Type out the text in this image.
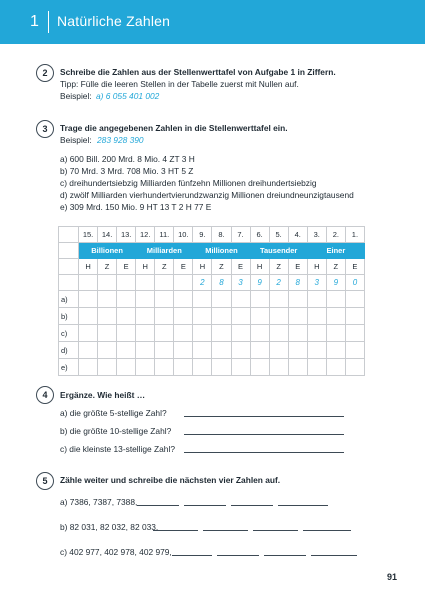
1 Natürliche Zahlen
2	Schreibe die Zahlen aus der Stellenwerttafel von Aufgabe 1 in Ziffern.
Tipp: Fülle die leeren Stellen in der Tabelle zuerst mit Nullen auf.
Beispiel: a) 6 055 401 002
3	Trage die angegebenen Zahlen in die Stellenwerttafel ein.
Beispiel: 283 928 390
a) 600 Bill. 200 Mrd. 8 Mio. 4 ZT 3 H
b) 70 Mrd. 3 Mrd. 708 Mio. 3 HT 5 Z
c) dreihundertsiebzig Milliarden fünfzehn Millionen dreihundertsiebzig
d) zwölf Milliarden vierhundertvierundzwanzig Millionen dreiundneunzigtausend
e) 309 Mrd. 150 Mio. 9 HT 13 T 2 H 77 E
	15.	14.	13.	12.	11.	10.	9.	8.	7.	6.	5.	4.	3.	2.	1.
	Billionen			Milliarden			Millionen			Tausender			Einer		
	H	Z	E	H	Z	E	H	Z	E	H	Z	E	H	Z	E
							2	8	3	9	2	8	3	9	0
a)															
b)															
c)															
d)															
e)															
4	Ergänze. Wie heißt …
a) die größte 5-stellige Zahl?
b) die größte 10-stellige Zahl?
c) die kleinste 13-stellige Zahl?
5	Zähle weiter und schreibe die nächsten vier Zahlen auf.
a) 7386, 7387, 7388,
b) 82 031, 82 032, 82 033,
c) 402 977, 402 978, 402 979,
91
